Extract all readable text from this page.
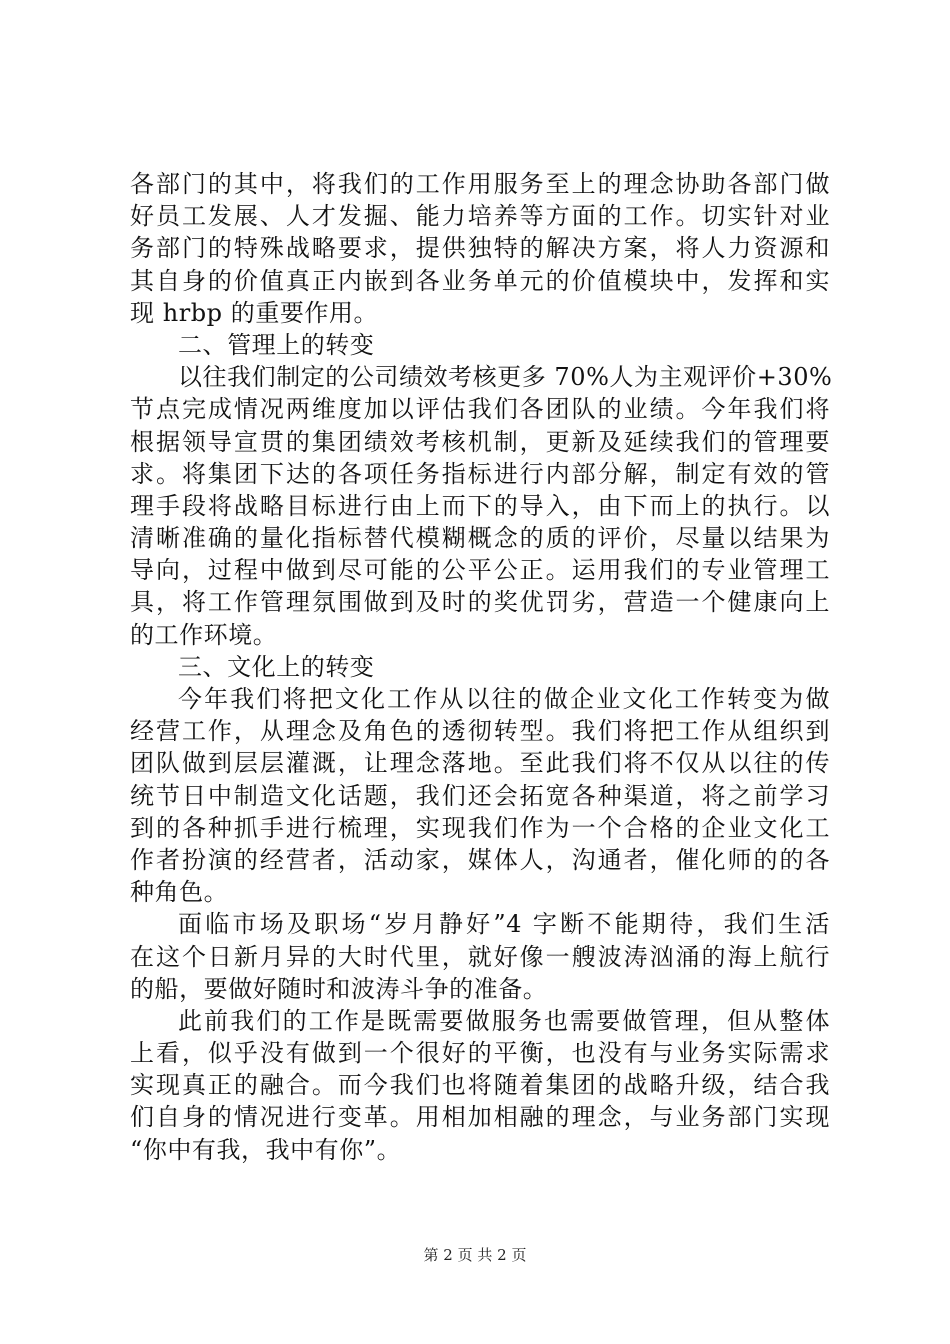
各部门的其中，将我们的工作用服务至上的理念协助各部门做
好员工发展、人才发掘、能力培养等方面的工作。切实针对业
务部门的特殊战略要求，提供独特的解决方案，将人力资源和
其自身的价值真正内嵌到各业务单元的价值模块中，发挥和实
现 hrbp 的重要作用。
二、管理上的转变
以往我们制定的公司绩效考核更多 70%人为主观评价+30%
节点完成情况两维度加以评估我们各团队的业绩。今年我们将
根据领导宣贯的集团绩效考核机制，更新及延续我们的管理要
求。将集团下达的各项任务指标进行内部分解，制定有效的管
理手段将战略目标进行由上而下的导入，由下而上的执行。以
清晰准确的量化指标替代模糊概念的质的评价，尽量以结果为
导向，过程中做到尽可能的公平公正。运用我们的专业管理工
具，将工作管理氛围做到及时的奖优罚劣，营造一个健康向上
的工作环境。
三、文化上的转变
今年我们将把文化工作从以往的做企业文化工作转变为做
经营工作，从理念及角色的透彻转型。我们将把工作从组织到
团队做到层层灌溉，让理念落地。至此我们将不仅从以往的传
统节日中制造文化话题，我们还会拓宽各种渠道，将之前学习
到的各种抓手进行梳理，实现我们作为一个合格的企业文化工
作者扮演的经营者，活动家，媒体人，沟通者，催化师的的各
种角色。
面临市场及职场“岁月静好”4 字断不能期待，我们生活
在这个日新月异的大时代里，就好像一艘波涛汹涌的海上航行
的船，要做好随时和波涛斗争的准备。
此前我们的工作是既需要做服务也需要做管理，但从整体
上看，似乎没有做到一个很好的平衡，也没有与业务实际需求
实现真正的融合。而今我们也将随着集团的战略升级，结合我
们自身的情况进行变革。用相加相融的理念，与业务部门实现
“你中有我，我中有你”。
第 2 页 共 2 页
